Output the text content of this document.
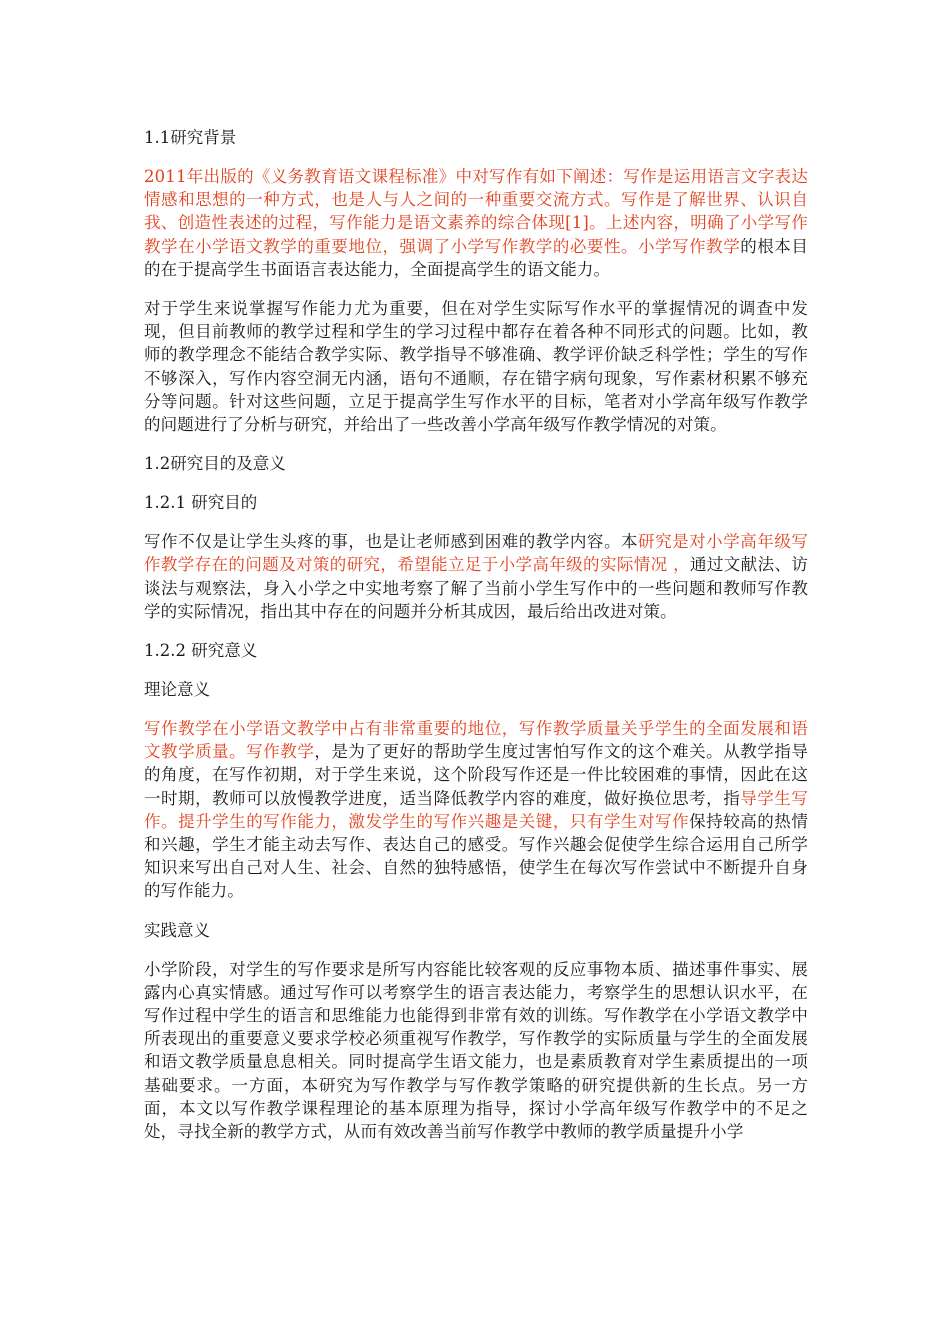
1.1研究背景

2011年出版的《义务教育语文课程标准》中对写作有如下阐述：写作是运用语言文字表达情感和思想的一种方式，也是人与人之间的一种重要交流方式。写作是了解世界、认识自我、创造性表述的过程，写作能力是语文素养的综合体现[1]。上述内容，明确了小学写作教学在小学语文教学的重要地位，强调了小学写作教学的必要性。小学写作教学的根本目的在于提高学生书面语言表达能力，全面提高学生的语文能力。

对于学生来说掌握写作能力尤为重要，但在对学生实际写作水平的掌握情况的调查中发现，但目前教师的教学过程和学生的学习过程中都存在着各种不同形式的问题。比如，教师的教学理念不能结合教学实际、教学指导不够准确、教学评价缺乏科学性；学生的写作不够深入，写作内容空洞无内涵，语句不通顺，存在错字病句现象，写作素材积累不够充分等问题。针对这些问题，立足于提高学生写作水平的目标，笔者对小学高年级写作教学的问题进行了分析与研究，并给出了一些改善小学高年级写作教学情况的对策。

1.2研究目的及意义
1.2.1 研究目的

写作不仅是让学生头疼的事，也是让老师感到困难的教学内容。本研究是对小学高年级写作教学存在的问题及对策的研究，希望能立足于小学高年级的实际情况 ，通过文献法、访谈法与观察法，身入小学之中实地考察了解了当前小学生写作中的一些问题和教师写作教学的实际情况，指出其中存在的问题并分析其成因，最后给出改进对策。

1.2.2 研究意义
理论意义

写作教学在小学语文教学中占有非常重要的地位，写作教学质量关乎学生的全面发展和语文教学质量。写作教学，是为了更好的帮助学生度过害怕写作文的这个难关。从教学指导的角度，在写作初期，对于学生来说，这个阶段写作还是一件比较困难的事情，因此在这一时期，教师可以放慢教学进度，适当降低教学内容的难度，做好换位思考，指导学生写作。提升学生的写作能力，激发学生的写作兴趣是关键，只有学生对写作保持较高的热情和兴趣，学生才能主动去写作、表达自己的感受。写作兴趣会促使学生综合运用自己所学知识来写出自己对人生、社会、自然的独特感悟，使学生在每次写作尝试中不断提升自身的写作能力。

实践意义

小学阶段，对学生的写作要求是所写内容能比较客观的反应事物本质、描述事件事实、展露内心真实情感。通过写作可以考察学生的语言表达能力，考察学生的思想认识水平，在写作过程中学生的语言和思维能力也能得到非常有效的训练。写作教学在小学语文教学中所表现出的重要意义要求学校必须重视写作教学，写作教学的实际质量与学生的全面发展和语文教学质量息息相关。同时提高学生语文能力，也是素质教育对学生素质提出的一项基础要求。一方面，本研究为写作教学与写作教学策略的研究提供新的生长点。另一方面，本文以写作教学课程理论的基本原理为指导，探讨小学高年级写作教学中的不足之处，寻找全新的教学方式，从而有效改善当前写作教学中教师的教学质量提升小学
